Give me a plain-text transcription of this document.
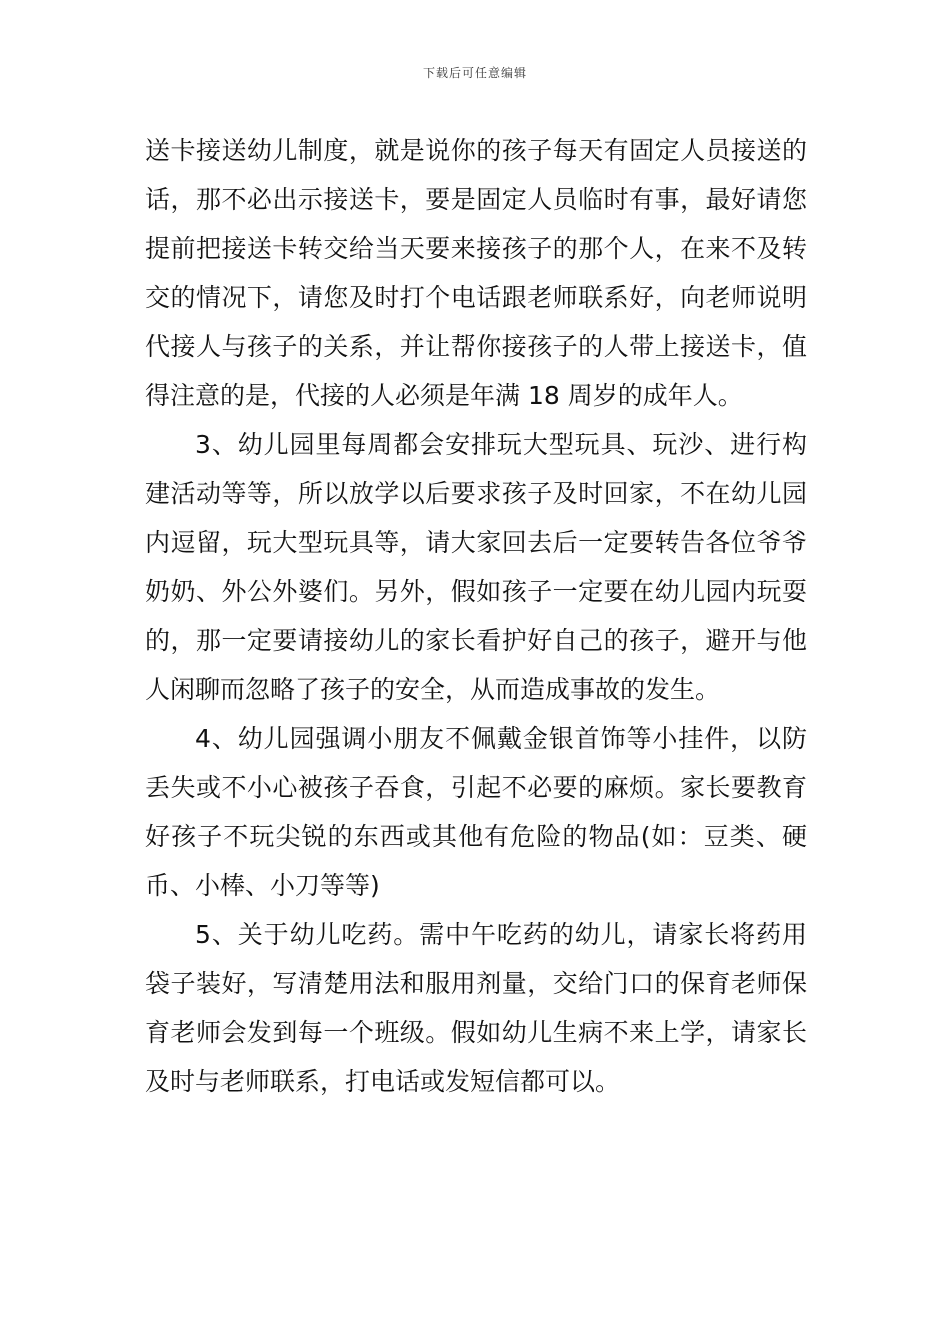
下载后可任意编辑

送卡接送幼儿制度，就是说你的孩子每天有固定人员接送的话，那不必出示接送卡，要是固定人员临时有事，最好请您提前把接送卡转交给当天要来接孩子的那个人，在来不及转交的情况下，请您及时打个电话跟老师联系好，向老师说明代接人与孩子的关系，并让帮你接孩子的人带上接送卡，值得注意的是，代接的人必须是年满 18 周岁的成年人。

3、幼儿园里每周都会安排玩大型玩具、玩沙、进行构建活动等等，所以放学以后要求孩子及时回家，不在幼儿园内逗留，玩大型玩具等，请大家回去后一定要转告各位爷爷奶奶、外公外婆们。另外，假如孩子一定要在幼儿园内玩耍的，那一定要请接幼儿的家长看护好自己的孩子，避开与他人闲聊而忽略了孩子的安全，从而造成事故的发生。

4、幼儿园强调小朋友不佩戴金银首饰等小挂件，以防丢失或不小心被孩子吞食，引起不必要的麻烦。家长要教育好孩子不玩尖锐的东西或其他有危险的物品(如：豆类、硬币、小棒、小刀等等)

5、关于幼儿吃药。需中午吃药的幼儿，请家长将药用袋子装好，写清楚用法和服用剂量，交给门口的保育老师保育老师会发到每一个班级。假如幼儿生病不来上学，请家长及时与老师联系，打电话或发短信都可以。
